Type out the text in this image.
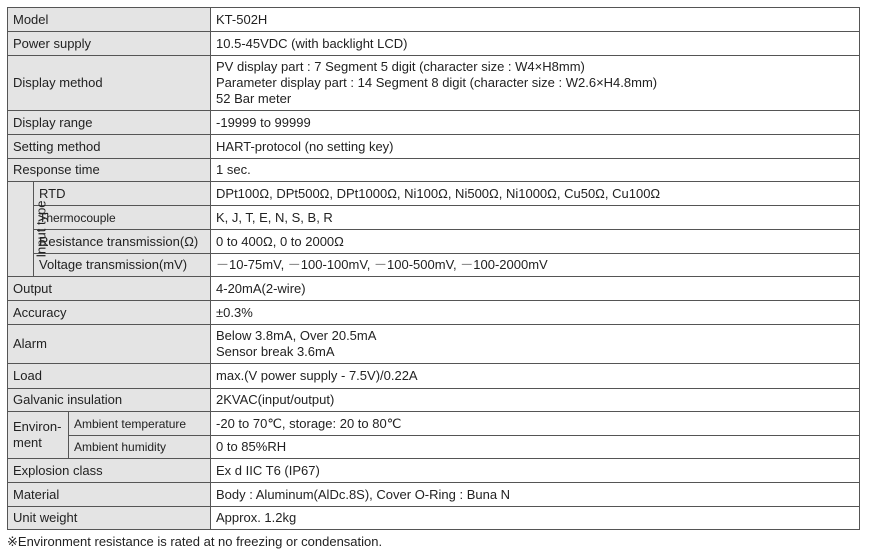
Model			KT-502H
Power supply			10.5-45VDC (with backlight LCD)
Display method			PV display part : 7 Segment 5 digit (character size : W4×H8mm)
Parameter display part : 14 Segment 8 digit (character size : W2.6×H4.8mm)
52 Bar meter

Display range			-19999 to 99999
Setting method			HART-protocol (no setting key)
Response time			1 sec.
Input type	RTD		DPt100Ω, DPt500Ω, DPt1000Ω, Ni100Ω, Ni500Ω, Ni1000Ω, Cu50Ω, Cu100Ω
	Thermocouple		K, J, T, E, N, S, B, R
	Resistance transmission(Ω)		0 to 400Ω, 0 to 2000Ω
	Voltage transmission(mV)		－10-75mV, －100-100mV, －100-500mV, －100-2000mV
Output			4-20mA(2-wire)
Accuracy			±0.3%
Alarm			Below 3.8mA, Over 20.5mA
Sensor break 3.6mA

Load			max.(V power supply - 7.5V)/0.22A
Galvanic insulation			2KVAC(input/output)

Environ-
ment		Ambient temperature	-20 to 70℃, storage: 20 to 80℃
		Ambient humidity	0 to 85%RH
Explosion class			Ex d IIC T6 (IP67)
Material			Body : Aluminum(AlDc.8S), Cover O-Ring : Buna N
Unit weight			Approx. 1.2kg
※Environment resistance is rated at no freezing or condensation.
